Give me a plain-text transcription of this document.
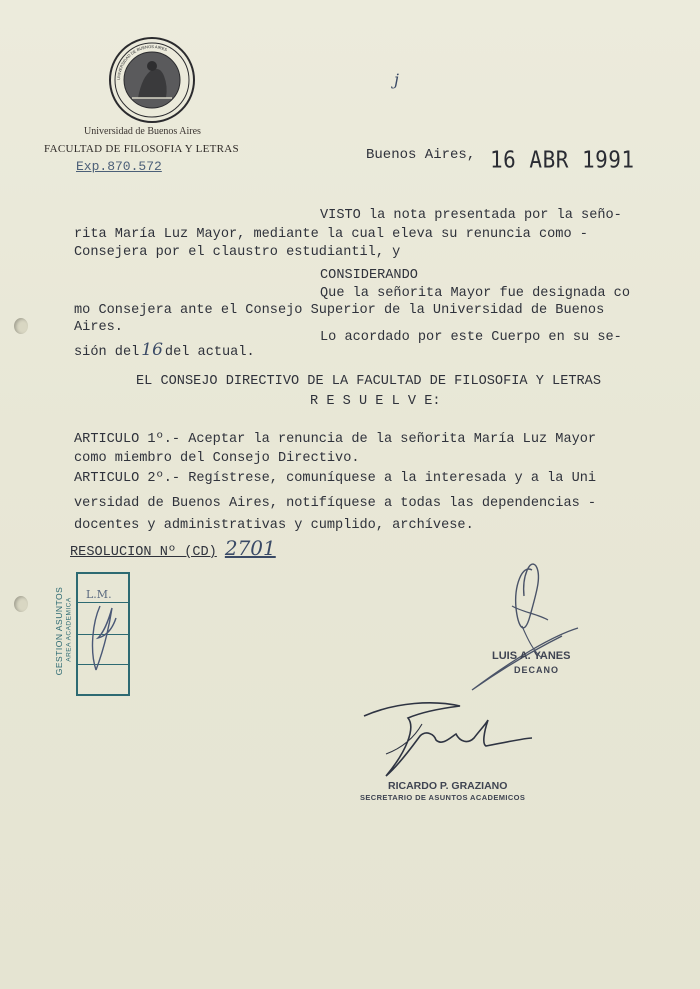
UNIVERSIDAD DE BUENOS AIRES
Universidad de Buenos Aires
FACULTAD DE FILOSOFIA Y LETRAS
Exp.870.572
j
Buenos Aires, 16 ABR 1991
VISTO la nota presentada por la seño-
rita María Luz Mayor, mediante la cual eleva su renuncia como -
Consejera por el claustro estudiantil, y
CONSIDERANDO
Que la señorita Mayor fue designada co
mo Consejera ante el Consejo Superior de la Universidad de Buenos
Aires.
Lo acordado por este Cuerpo en su se-
sión del 16 del actual.
EL CONSEJO DIRECTIVO DE LA FACULTAD DE FILOSOFIA Y LETRAS
R E S U E L V E:
ARTICULO 1º.- Aceptar la renuncia de la señorita María Luz Mayor
como miembro del Consejo Directivo.
ARTICULO 2º.- Regístrese, comuníquese a la interesada y a la Uni
versidad de Buenos Aires, notifíquese a todas las dependencias -
docentes y administrativas y cumplido, archívese.
RESOLUCION Nº (CD) 2701
GESTION ASUNTOS AREA ACADEMICA
L.M.
LUIS A. YANES
DECANO
RICARDO P. GRAZIANO
SECRETARIO DE ASUNTOS ACADEMICOS
